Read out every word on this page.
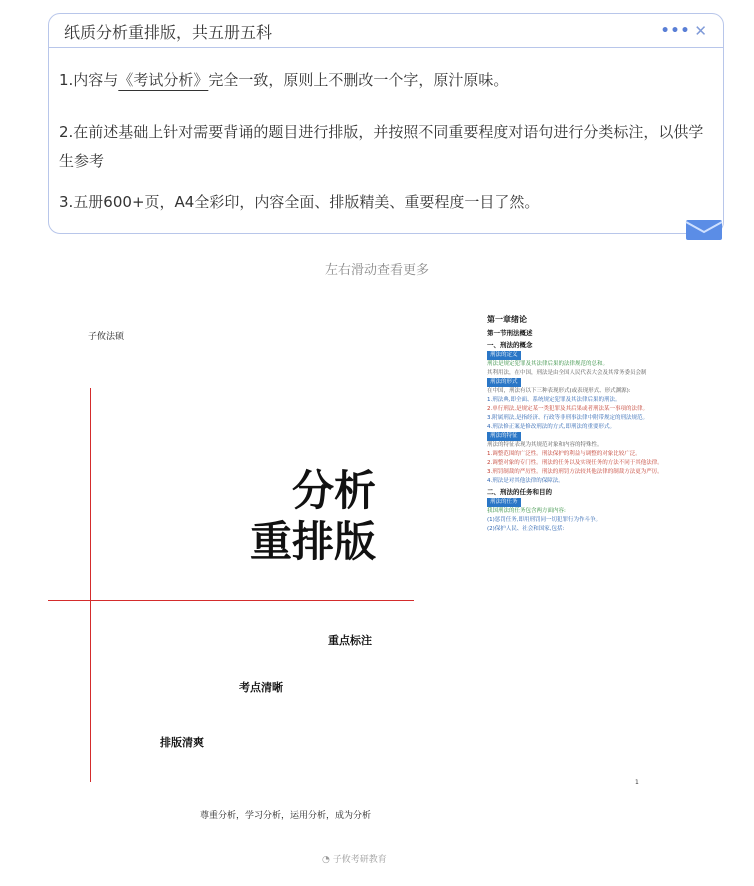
纸质分析重排版，共五册五科	••• ✕
1.内容与《考试分析》完全一致，原则上不删改一个字，原汁原味。
2.在前述基础上针对需要背诵的题目进行排版，并按照不同重要程度对语句进行分类标注，以供学生参考
3.五册600+页，A4全彩印，内容全面、排版精美、重要程度一目了然。
左右滑动查看更多
子攸法硕
分析
重排版
重点标注
考点清晰
排版清爽
尊重分析，学习分析，运用分析，成为分析
第一章绪论
第一节刑法概述
一、刑法的概念
刑法的定义
刑法是规定犯罪及其法律后果的法律规范的总和。
其利用法，在中国，刑法是由全国人民代表大会及其常务委员会制
刑法的形式
在中国，刑法有以下三种表现形式(或表现形式、形式渊源):
1.刑法典,即全面、系统规定犯罪及其法律后果的刑法。
2.单行刑法,是规定某一类犯罪及其后果或者刑法某一事项的法律。
3.附属刑法,是指经济、行政等非刑事法律中附带规定的刑法规范。
4.刑法修正案是修改刑法的方式,即刑法的重要形式。
刑法的特征
刑法的特征表现为其规范对象和内容的特殊性。
1.调整范围的广泛性。刑法保护的利益与调整的对象比较广泛。
2.调整对象的专门性。刑法的任务以及实现任务的方法不同于其他法律。
3.刑罚制裁的严厉性。刑法的刑罚方法较其他法律的制裁方法更为严厉。
4.刑法是对其他法律的保障法。
二、刑法的任务和目的
刑法的任务
我国刑法的任务包含两方面内容:
(1)惩罚任务,即用刑罚同一切犯罪行为作斗争。
(2)保护人民、社会和国家,包括:
1
◔ 子攸考研教育
